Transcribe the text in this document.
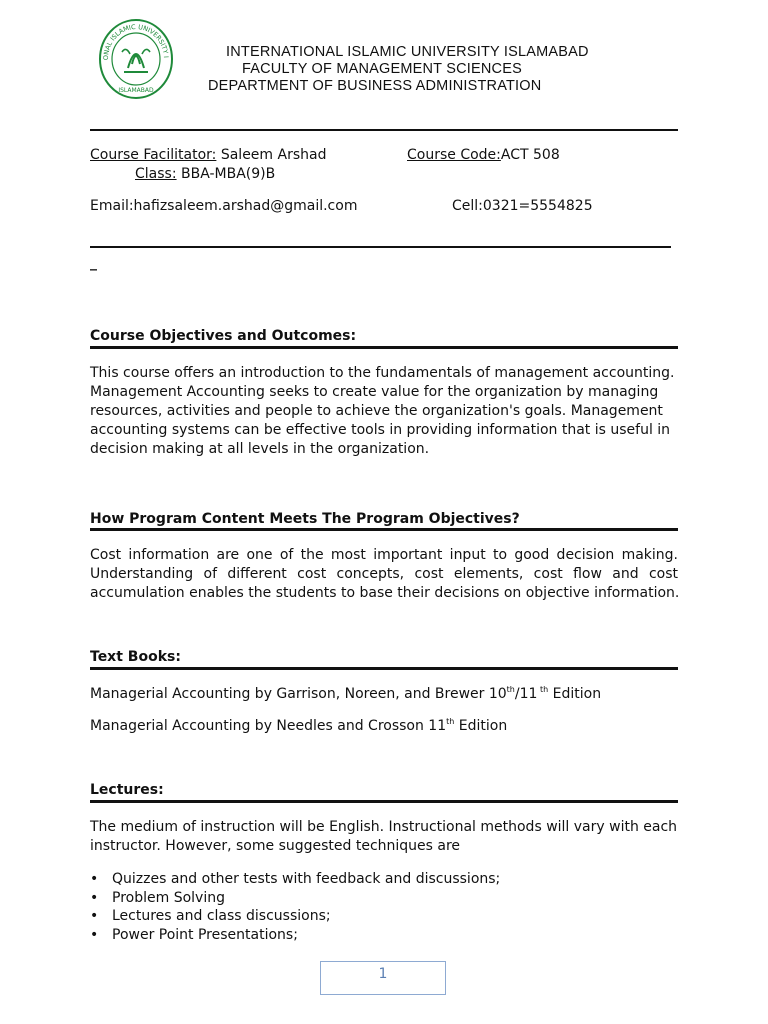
ONAL ISLAMIC UNIVERSITY I
ISLAMABAD
INTERNATIONAL ISLAMIC UNIVERSITY ISLAMABAD
FACULTY OF MANAGEMENT SCIENCES
DEPARTMENT OF BUSINESS ADMINISTRATION
Course Facilitator: Saleem Arshad	Course Code:ACT 508
Class: BBA-MBA(9)B
Email:hafizsaleem.arshad@gmail.com	Cell:0321=5554825
_
Course Objectives and Outcomes:
This course offers an introduction to the fundamentals of management accounting.
Management Accounting seeks to create value for the organization by managing
resources, activities and people to achieve the organization's goals. Management
accounting systems can be effective tools in providing information that is useful in
decision making at all levels in the organization.
How Program Content Meets The Program Objectives?
Cost information are one of the most important input to good decision making.
Understanding of different cost concepts, cost elements, cost flow and cost
accumulation enables the students to base their decisions on objective information.
Text Books:
Managerial Accounting by Garrison, Noreen, and Brewer 10th/11 $^{th}$ Edition
Managerial Accounting by Needles and Crosson 11th Edition
Lectures:
The medium of instruction will be English. Instructional methods will vary with each
instructor. However, some suggested techniques are
• Quizzes and other tests with feedback and discussions;
• Problem Solving
• Lectures and class discussions;
• Power Point Presentations;
1
